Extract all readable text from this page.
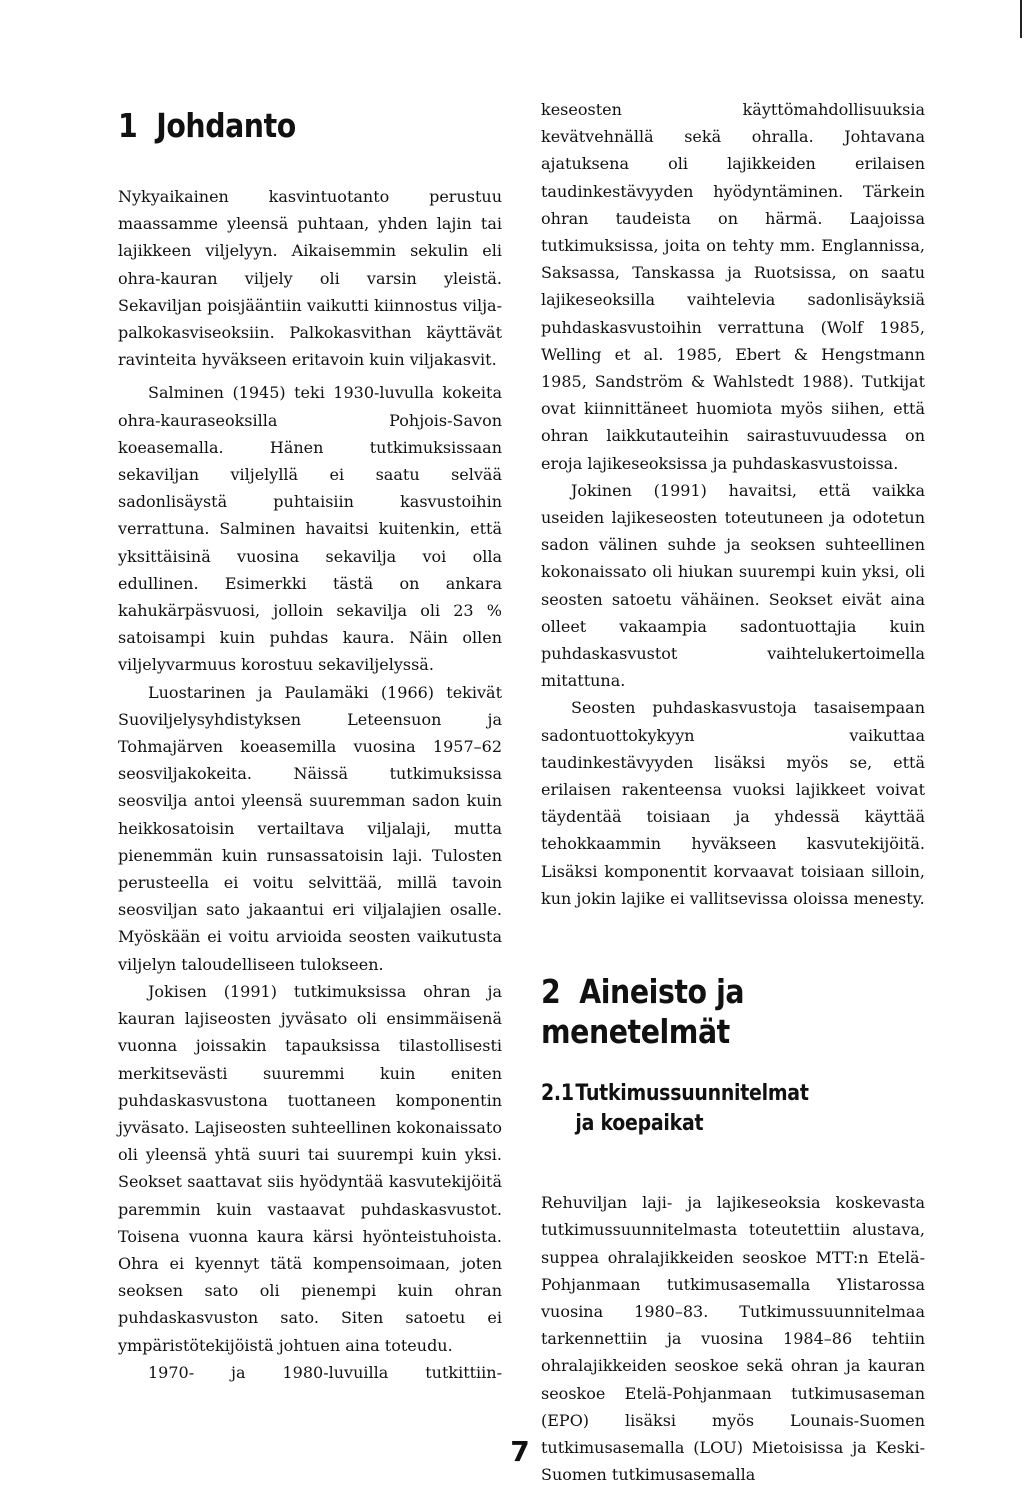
1 Johdanto

Nykyaikainen kasvintuotanto perustuu maassamme yleensä puhtaan, yhden lajin tai lajikkeen viljelyyn. Aikaisemmin sekulin eli ohra-kauran viljely oli varsin yleistä. Sekaviljan poisjääntiin vaikutti kiinnostus vilja-palkokasviseoksiin. Palkokasvithan käyttävät ravinteita hyväkseen eritavoin kuin viljakasvit.

Salminen (1945) teki 1930-luvulla kokeita ohra-kauraseoksilla Pohjois-Savon koeasemalla. Hänen tutkimuksissaan sekaviljan viljelyllä ei saatu selvää sadonlisäystä puhtaisiin kasvustoihin verrattuna. Salminen havaitsi kuitenkin, että yksittäisinä vuosina sekavilja voi olla edullinen. Esimerkki tästä on ankara kahukärpäsvuosi, jolloin sekavilja oli 23 % satoisampi kuin puhdas kaura. Näin ollen viljelyvarmuus korostuu sekaviljelyssä.

Luostarinen ja Paulamäki (1966) tekivät Suoviljelysyhdistyksen Leteensuon ja Tohmajärven koeasemilla vuosina 1957–62 seosviljakokeita. Näissä tutkimuksissa seosvilja antoi yleensä suuremman sadon kuin heikkosatoisin vertailtava viljalaji, mutta pienemmän kuin runsassatoisin laji. Tulosten perusteella ei voitu selvittää, millä tavoin seosviljan sato jakaantui eri viljalajien osalle. Myöskään ei voitu arvioida seosten vaikutusta viljelyn taloudelliseen tulokseen.

Jokisen (1991) tutkimuksissa ohran ja kauran lajiseosten jyväsato oli ensimmäisenä vuonna joissakin tapauksissa tilastollisesti merkitsevästi suuremmi kuin eniten puhdaskasvustona tuottaneen komponentin jyväsato. Lajiseosten suhteellinen kokonaissato oli yleensä yhtä suuri tai suurempi kuin yksi. Seokset saattavat siis hyödyntää kasvutekijöitä paremmin kuin vastaavat puhdaskasvustot. Toisena vuonna kaura kärsi hyönteistuhoista. Ohra ei kyennyt tätä kompensoimaan, joten seoksen sato oli pienempi kuin ohran puhdaskasvuston sato. Siten satoetu ei ympäristötekijöistä johtuen aina toteudu.

1970- ja 1980-luvuilla tutkittiin-

keseosten käyttömahdollisuuksia kevätvehnällä sekä ohralla. Johtavana ajatuksena oli lajikkeiden erilaisen taudinkestävyyden hyödyntäminen. Tärkein ohran taudeista on härmä. Laajoissa tutkimuksissa, joita on tehty mm. Englannissa, Saksassa, Tanskassa ja Ruotsissa, on saatu lajikeseoksilla vaihtelevia sadonlisäyksiä puhdaskasvustoihin verrattuna (Wolf 1985, Welling et al. 1985, Ebert & Hengstmann 1985, Sandström & Wahlstedt 1988). Tutkijat ovat kiinnittäneet huomiota myös siihen, että ohran laikkutauteihin sairastuvuudessa on eroja lajikeseoksissa ja puhdaskasvustoissa.

Jokinen (1991) havaitsi, että vaikka useiden lajikeseosten toteutuneen ja odotetun sadon välinen suhde ja seoksen suhteellinen kokonaissato oli hiukan suurempi kuin yksi, oli seosten satoetu vähäinen. Seokset eivät aina olleet vakaampia sadontuottajia kuin puhdaskasvustot vaihtelukertoimella mitattuna.

Seosten puhdaskasvustoja tasaisempaan sadontuottokykyyn vaikuttaa taudinkestävyyden lisäksi myös se, että erilaisen rakenteensa vuoksi lajikkeet voivat täydentää toisiaan ja yhdessä käyttää tehokkaammin hyväkseen kasvutekijöitä. Lisäksi komponentit korvaavat toisiaan silloin, kun jokin lajike ei vallitsevissa oloissa menesty.

2 Aineisto ja menetelmät
2.1Tutkimussuunnitelmat ja koepaikat

Rehuviljan laji- ja lajikeseoksia koskevasta tutkimussuunnitelmasta toteutettiin alustava, suppea ohralajikkeiden seoskoe MTT:n Etelä-Pohjanmaan tutkimusasemalla Ylistarossa vuosina 1980–83. Tutkimussuunnitelmaa tarkennettiin ja vuosina 1984–86 tehtiin ohralajikkeiden seoskoe sekä ohran ja kauran seoskoe Etelä-Pohjanmaan tutkimusaseman (EPO) lisäksi myös Lounais-Suomen tutkimusasemalla (LOU) Mietoisissa ja Keski-Suomen tutkimusasemalla

7
